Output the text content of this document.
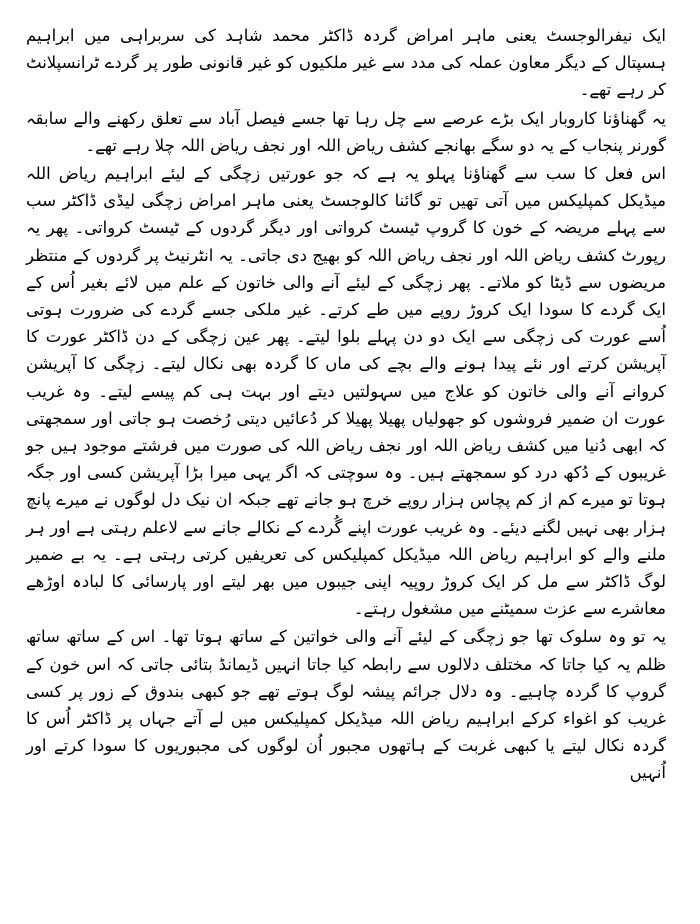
ایک نیفرالوجسٹ یعنی ماہر امراض گردہ ڈاکٹر محمد شاہد کی سربراہی میں ابراہیم ہسپتال کے دیگر معاون عملہ کی مدد سے غیر ملکیوں کو غیر قانونی طور پر گردے ٹرانسپلانٹ کر رہے تھے۔

یہ گھناؤنا کاروبار ایک بڑے عرصے سے چل رہا تھا جسے فیصل آباد سے تعلق رکھنے والے سابقہ گورنر پنجاب کے یہ دو سگے بھانجے کشف ریاض اللہ اور نجف ریاض اللہ چلا رہے تھے۔

اس فعل کا سب سے گھناؤنا پہلو یہ ہے کہ جو عورتیں زچگی کے لیئے ابراہیم ریاض اللہ میڈیکل کمپلیکس میں آتی تھیں تو گائنا کالوجسٹ یعنی ماہر امراض زچگی لیڈی ڈاکٹر سب سے پہلے مریضہ کے خون کا گروپ ٹیسٹ کرواتی اور دیگر گردوں کے ٹیسٹ کرواتی۔ پھر یہ رپورٹ کشف ریاض اللہ اور نجف ریاض اللہ کو بھیج دی جاتی۔ یہ انٹرنیٹ پر گردوں کے منتظر مریضوں سے ڈیٹا کو ملاتے۔ پھر زچگی کے لیئے آنے والی خاتون کے علم میں لائے بغیر اُس کے ایک گردے کا سودا ایک کروڑ روپے میں طے کرتے۔ غیر ملکی جسے گردے کی ضرورت ہوتی اُسے عورت کی زچگی سے ایک دو دن پہلے بلوا لیتے۔ پھر عین زچگی کے دن ڈاکٹر عورت کا آپریشن کرتے اور نئے پیدا ہونے والے بچے کی ماں کا گردہ بھی نکال لیتے۔ زچگی کا آپریشن کروانے آنے والی خاتون کو علاج میں سہولتیں دیتے اور بہت ہی کم پیسے لیتے۔ وہ غریب عورت ان ضمیر فروشوں کو جھولیاں پھیلا پھیلا کر دُعائیں دیتی رُخصت ہو جاتی اور سمجھتی کہ ابھی دُنیا میں کشف ریاض اللہ اور نجف ریاض اللہ کی صورت میں فرشتے موجود ہیں جو غریبوں کے دُکھ درد کو سمجھتے ہیں۔ وہ سوچتی کہ اگر یہی میرا بڑا آپریشن کسی اور جگہ ہوتا تو میرے کم از کم پچاس ہزار روپے خرچ ہو جانے تھے جبکہ ان نیک دل لوگوں نے میرے پانچ ہزار بھی نہیں لگنے دیئے۔ وہ غریب عورت اپنے گُردے کے نکالے جانے سے لاعلم رہتی ہے اور ہر ملنے والے کو ابراہیم ریاض اللہ میڈیکل کمپلیکس کی تعریفیں کرتی رہتی ہے۔ یہ بے ضمیر لوگ ڈاکٹر سے مل کر ایک کروڑ روپیہ اپنی جیبوں میں بھر لیتے اور پارسائی کا لبادہ اوڑھے معاشرے سے عزت سمیٹنے میں مشغول رہتے۔

یہ تو وہ سلوک تھا جو زچگی کے لیئے آنے والی خواتین کے ساتھ ہوتا تھا۔ اس کے ساتھ ساتھ ظلم یہ کیا جاتا کہ مختلف دلالوں سے رابطہ کیا جاتا انہیں ڈیمانڈ بتائی جاتی کہ اس خون کے گروپ کا گردہ چاہیے۔ وہ دلال جرائم پیشہ لوگ ہوتے تھے جو کبھی بندوق کے زور پر کسی غریب کو اغواء کرکے ابراہیم ریاض اللہ میڈیکل کمپلیکس میں لے آتے جہاں پر ڈاکٹر اُس کا گردہ نکال لیتے یا کبھی غربت کے ہاتھوں مجبور اُن لوگوں کی مجبوریوں کا سودا کرتے اور اُنہیں
